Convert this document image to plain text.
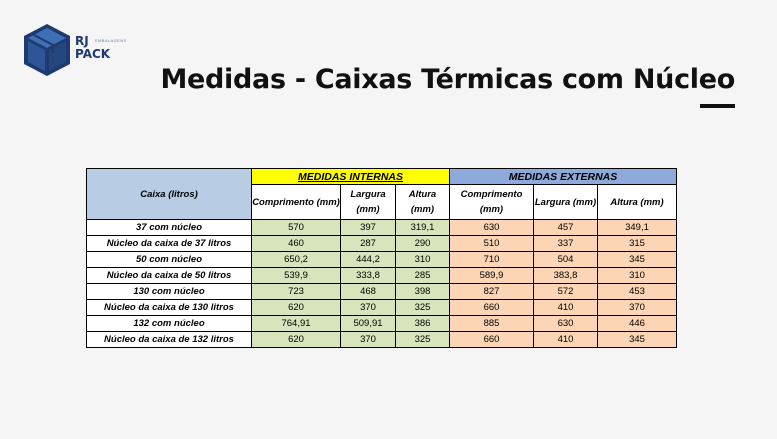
RJ
PACK
EMBALAGENS
Medidas - Caixas Térmicas com Núcleo
Caixa (litros)	MEDIDAS INTERNAS			MEDIDAS EXTERNAS		
	Comprimento (mm)	Largura (mm)	Altura (mm)	Comprimento (mm)	Largura (mm)	Altura (mm)
37 com núcleo	570	397	319,1	630	457	349,1
Núcleo da caixa de 37 litros	460	287	290	510	337	315
50 com núcleo	650,2	444,2	310	710	504	345
Núcleo da caixa de 50 litros	539,9	333,8	285	589,9	383,8	310
130 com núcleo	723	468	398	827	572	453
Núcleo da caixa de 130 litros	620	370	325	660	410	370
132 com núcleo	764,91	509,91	386	885	630	446
Núcleo da caixa de 132 litros	620	370	325	660	410	345
